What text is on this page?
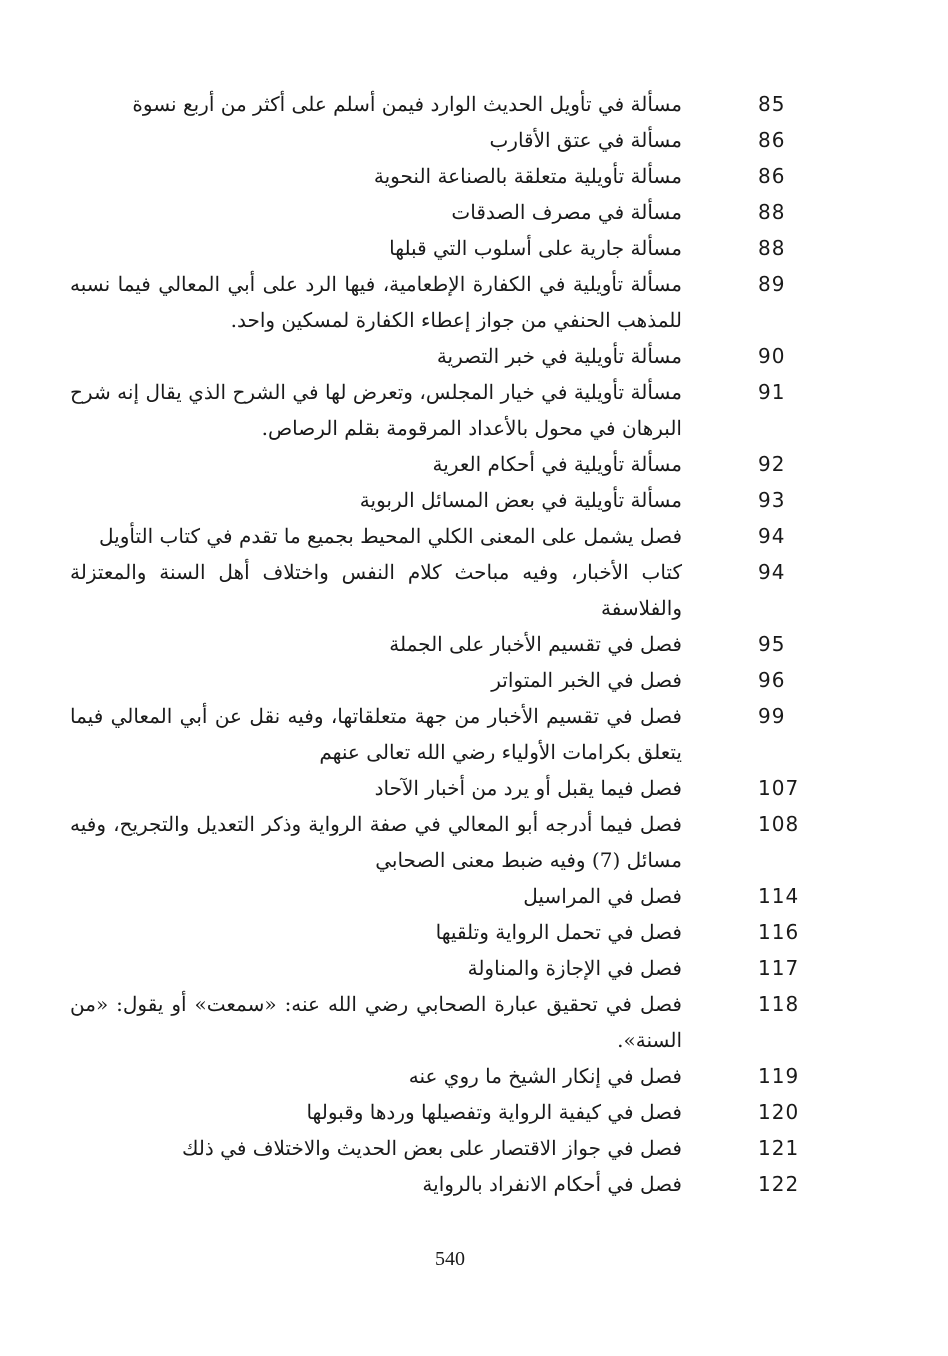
85
مسألة في تأويل الحديث الوارد فيمن أسلم على أكثر من أربع نسوة
86
مسألة في عتق الأقارب
86
مسألة تأويلية متعلقة بالصناعة النحوية
88
مسألة في مصرف الصدقات
88
مسألة جارية على أسلوب التي قبلها
89
مسألة تأويلية في الكفارة الإطعامية، فيها الرد على أبي المعالي فيما نسبه للمذهب الحنفي من جواز إعطاء الكفارة لمسكين واحد.
90
مسألة تأويلية في خبر التصرية
91
مسألة تأويلية في خيار المجلس، وتعرض لها في الشرح الذي يقال إنه شرح البرهان في محول بالأعداد المرقومة بقلم الرصاص.
92
مسألة تأويلية في أحكام العرية
93
مسألة تأويلية في بعض المسائل الربوية
94
فصل يشمل على المعنى الكلي المحيط بجميع ما تقدم في كتاب التأويل
94
كتاب الأخبار، وفيه مباحث كلام النفس واختلاف أهل السنة والمعتزلة والفلاسفة
95
فصل في تقسيم الأخبار على الجملة
96
فصل في الخبر المتواتر
99
فصل في تقسيم الأخبار من جهة متعلقاتها، وفيه نقل عن أبي المعالي فيما يتعلق بكرامات الأولياء رضي الله تعالى عنهم
107
فصل فيما يقبل أو يرد من أخبار الآحاد
108
فصل فيما أدرجه أبو المعالي في صفة الرواية وذكر التعديل والتجريح، وفيه مسائل (7) وفيه ضبط معنى الصحابي
114
فصل في المراسيل
116
فصل في تحمل الرواية وتلقيها
117
فصل في الإجازة والمناولة
118
فصل في تحقيق عبارة الصحابي رضي الله عنه: «سمعت» أو يقول: «من السنة».
119
فصل في إنكار الشيخ ما روي عنه
120
فصل في كيفية الرواية وتفصيلها وردها وقبولها
121
فصل في جواز الاقتصار على بعض الحديث والاختلاف في ذلك
122
فصل في أحكام الانفراد بالرواية
540
